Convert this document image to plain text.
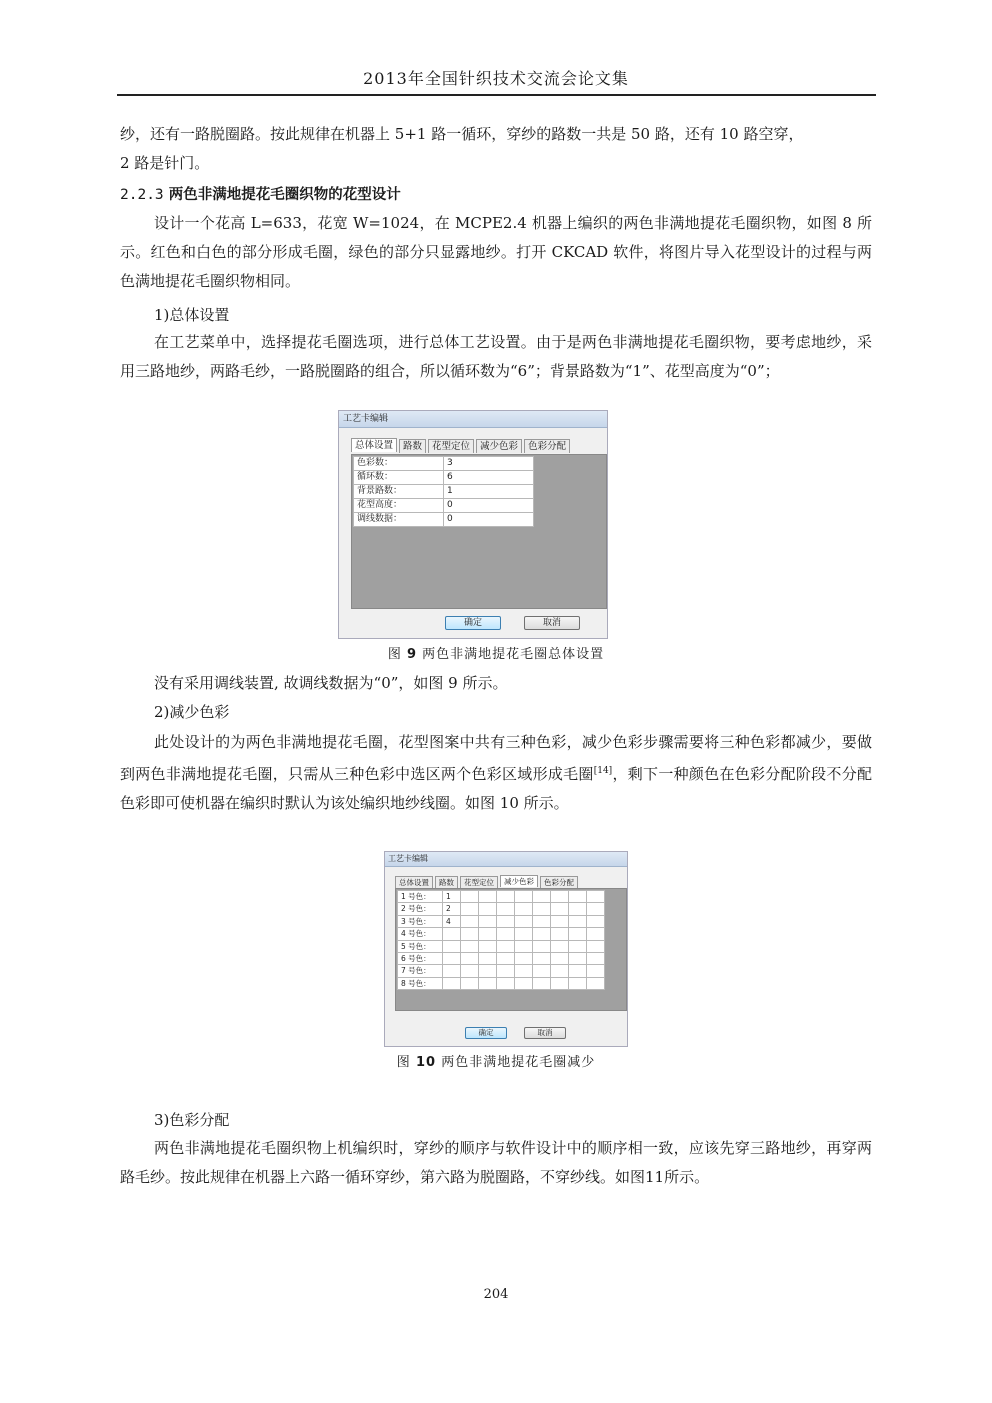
2013年全国针织技术交流会论文集
纱，还有一路脱圈路。按此规律在机器上 5+1 路一循环，穿纱的路数一共是 50 路，还有 10 路空穿，
2 路是针门。
2.2.3 两色非满地提花毛圈织物的花型设计
设计一个花高 L=633，花宽 W=1024，在 MCPE2.4 机器上编织的两色非满地提花毛圈织物，如图 8 所示。红色和白色的部分形成毛圈，绿色的部分只显露地纱。打开 CKCAD 软件，将图片导入花型设计的过程与两色满地提花毛圈织物相同。
1)总体设置
在工艺菜单中，选择提花毛圈选项，进行总体工艺设置。由于是两色非满地提花毛圈织物，要考虑地纱，采用三路地纱，两路毛纱，一路脱圈路的组合，所以循环数为“6”；背景路数为“1”、花型高度为“0”；
工艺卡编辑
总体设置	路数	花型定位	减少色彩	色彩分配
色彩数：	3
循环数：	6
背景路数：	1
花型高度：	0
调线数据：	0
确定	取消
图 9 两色非满地提花毛圈总体设置
没有采用调线装置, 故调线数据为“0”，如图 9 所示。
2)减少色彩
此处设计的为两色非满地提花毛圈，花型图案中共有三种色彩，减少色彩步骤需要将三种色彩都减少，要做到两色非满地提花毛圈，只需从三种色彩中选区两个色彩区域形成毛圈[14]，剩下一种颜色在色彩分配阶段不分配色彩即可使机器在编织时默认为该处编织地纱线圈。如图 10 所示。
工艺卡编辑
总体设置	路数	花型定位	减少色彩	色彩分配
1 号色：	1								
2 号色：	2								
3 号色：	4								
4 号色：									
5 号色：									
6 号色：									
7 号色：									
8 号色：									
确定	取消
图 10 两色非满地提花毛圈减少
3)色彩分配
两色非满地提花毛圈织物上机编织时，穿纱的顺序与软件设计中的顺序相一致，应该先穿三路地纱，再穿两路毛纱。按此规律在机器上六路一循环穿纱，第六路为脱圈路，不穿纱线。如图11所示。
204
